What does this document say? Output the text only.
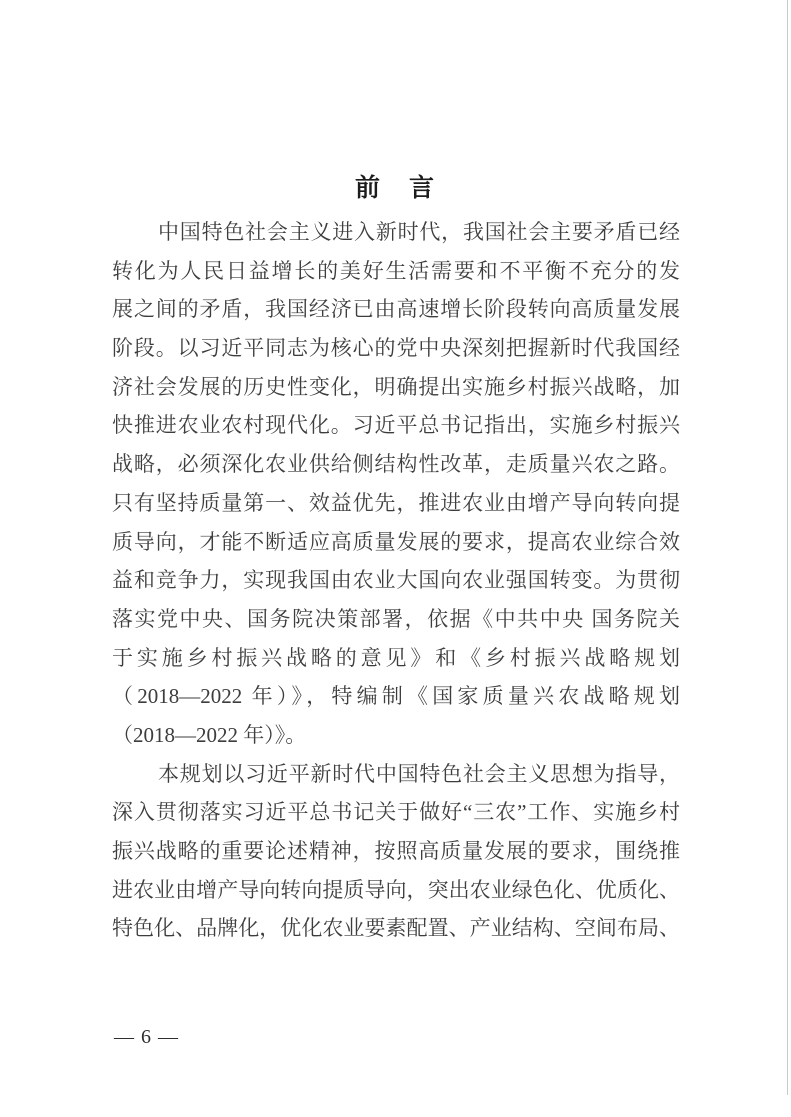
前　言
中国特色社会主义进入新时代，我国社会主要矛盾已经
转化为人民日益增长的美好生活需要和不平衡不充分的发
展之间的矛盾，我国经济已由高速增长阶段转向高质量发展
阶段。以习近平同志为核心的党中央深刻把握新时代我国经
济社会发展的历史性变化，明确提出实施乡村振兴战略，加
快推进农业农村现代化。习近平总书记指出，实施乡村振兴
战略，必须深化农业供给侧结构性改革，走质量兴农之路。
只有坚持质量第一、效益优先，推进农业由增产导向转向提
质导向，才能不断适应高质量发展的要求，提高农业综合效
益和竞争力，实现我国由农业大国向农业强国转变。为贯彻
落实党中央、国务院决策部署，依据《中共中央 国务院关
于实施乡村振兴战略的意见》和《乡村振兴战略规划
（2018—2022 年）》，特编制《国家质量兴农战略规划
（2018—2022 年）》。
本规划以习近平新时代中国特色社会主义思想为指导，
深入贯彻落实习近平总书记关于做好“三农”工作、实施乡村
振兴战略的重要论述精神，按照高质量发展的要求，围绕推
进农业由增产导向转向提质导向，突出农业绿色化、优质化、
特色化、品牌化，优化农业要素配置、产业结构、空间布局、
— 6 —
